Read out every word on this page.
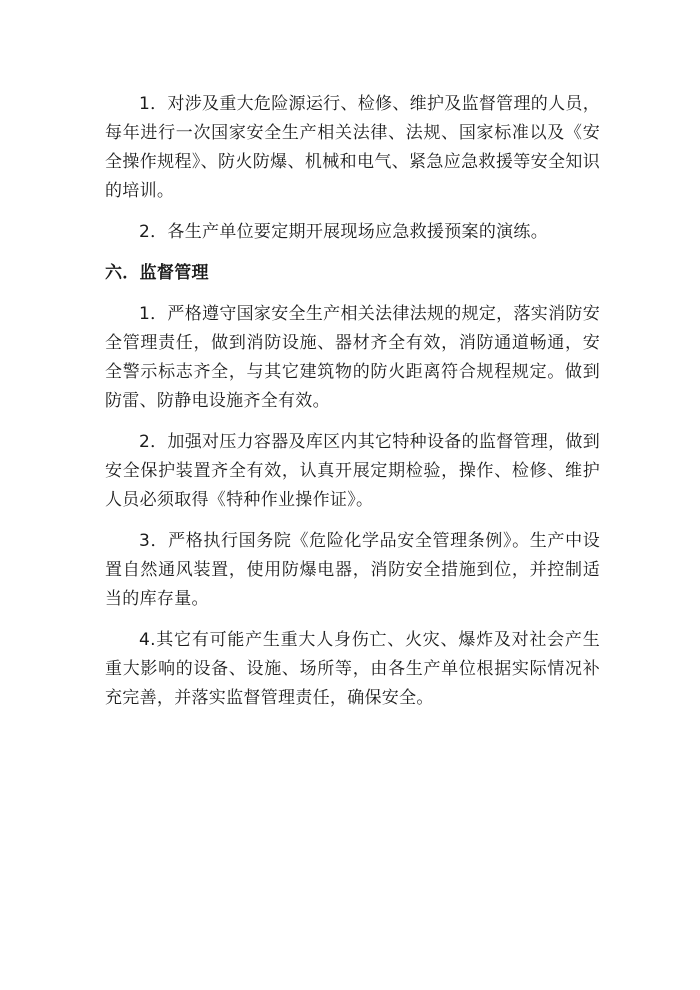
1．对涉及重大危险源运行、检修、维护及监督管理的人员，每年进行一次国家安全生产相关法律、法规、国家标准以及《安全操作规程》、防火防爆、机械和电气、紧急应急救援等安全知识的培训。

2．各生产单位要定期开展现场应急救援预案的演练。

六．监督管理

1．严格遵守国家安全生产相关法律法规的规定，落实消防安全管理责任，做到消防设施、器材齐全有效，消防通道畅通，安全警示标志齐全，与其它建筑物的防火距离符合规程规定。做到防雷、防静电设施齐全有效。

2．加强对压力容器及库区内其它特种设备的监督管理，做到安全保护装置齐全有效，认真开展定期检验，操作、检修、维护人员必须取得《特种作业操作证》。

3．严格执行国务院《危险化学品安全管理条例》。生产中设置自然通风装置，使用防爆电器，消防安全措施到位，并控制适当的库存量。

4.其它有可能产生重大人身伤亡、火灾、爆炸及对社会产生重大影响的设备、设施、场所等，由各生产单位根据实际情况补充完善，并落实监督管理责任，确保安全。
